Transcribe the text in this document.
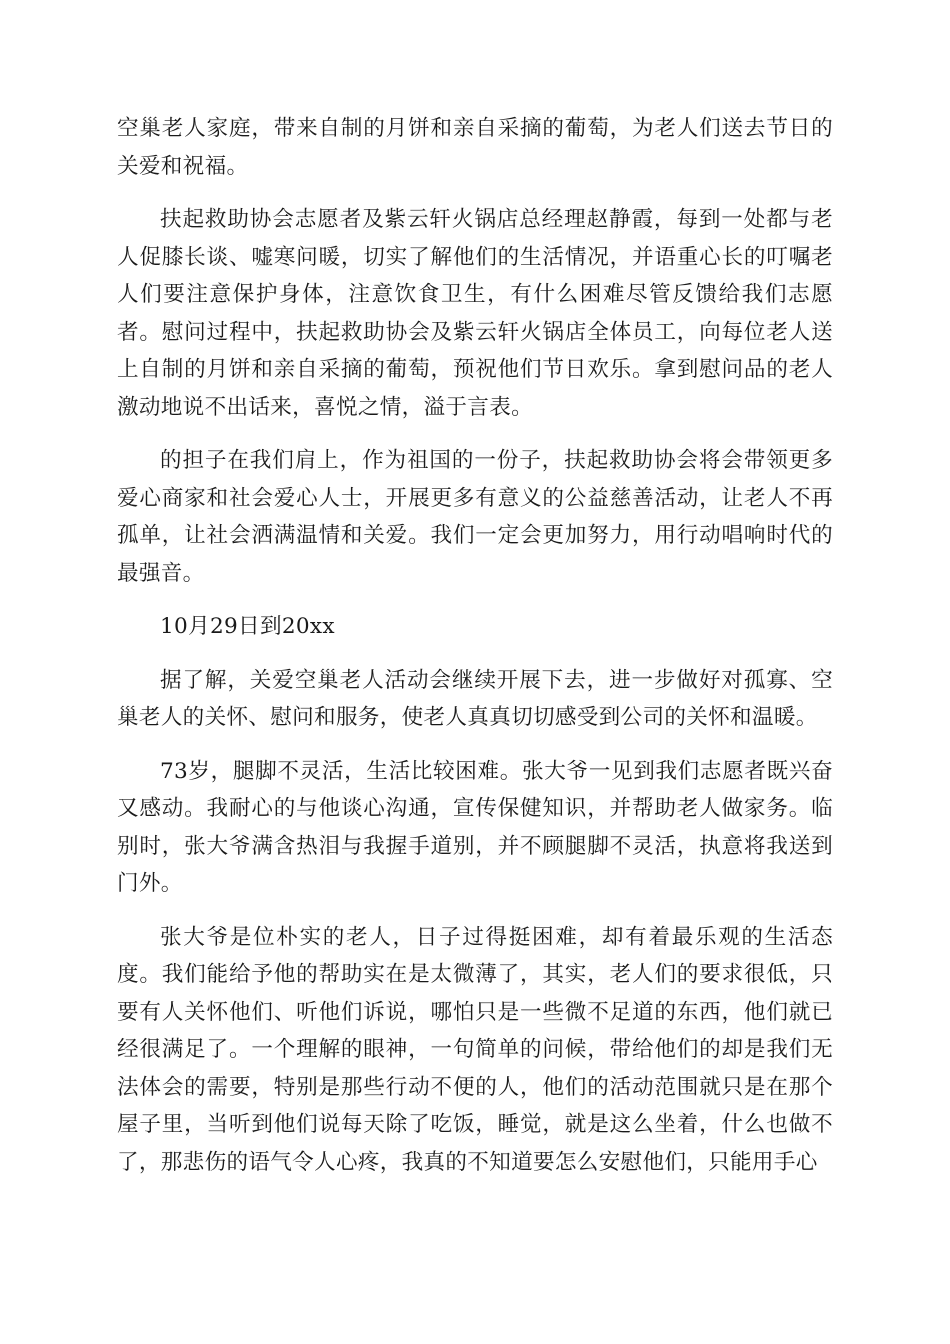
空巢老人家庭，带来自制的月饼和亲自采摘的葡萄，为老人们送去节日的关爱和祝福。

扶起救助协会志愿者及紫云轩火锅店总经理赵静霞，每到一处都与老人促膝长谈、嘘寒问暖，切实了解他们的生活情况，并语重心长的叮嘱老人们要注意保护身体，注意饮食卫生，有什么困难尽管反馈给我们志愿者。慰问过程中，扶起救助协会及紫云轩火锅店全体员工，向每位老人送上自制的月饼和亲自采摘的葡萄，预祝他们节日欢乐。拿到慰问品的老人激动地说不出话来，喜悦之情，溢于言表。

的担子在我们肩上，作为祖国的一份子，扶起救助协会将会带领更多爱心商家和社会爱心人士，开展更多有意义的公益慈善活动，让老人不再孤单，让社会洒满温情和关爱。我们一定会更加努力，用行动唱响时代的最强音。

10月29日到20xx

据了解，关爱空巢老人活动会继续开展下去，进一步做好对孤寡、空巢老人的关怀、慰问和服务，使老人真真切切感受到公司的关怀和温暖。

73岁，腿脚不灵活，生活比较困难。张大爷一见到我们志愿者既兴奋又感动。我耐心的与他谈心沟通，宣传保健知识，并帮助老人做家务。临别时，张大爷满含热泪与我握手道别，并不顾腿脚不灵活，执意将我送到门外。

张大爷是位朴实的老人，日子过得挺困难，却有着最乐观的生活态度。我们能给予他的帮助实在是太微薄了，其实，老人们的要求很低，只要有人关怀他们、听他们诉说，哪怕只是一些微不足道的东西，他们就已经很满足了。一个理解的眼神，一句简单的问候，带给他们的却是我们无法体会的需要，特别是那些行动不便的人，他们的活动范围就只是在那个屋子里，当听到他们说每天除了吃饭，睡觉，就是这么坐着，什么也做不了，那悲伤的语气令人心疼，我真的不知道要怎么安慰他们，只能用手心
